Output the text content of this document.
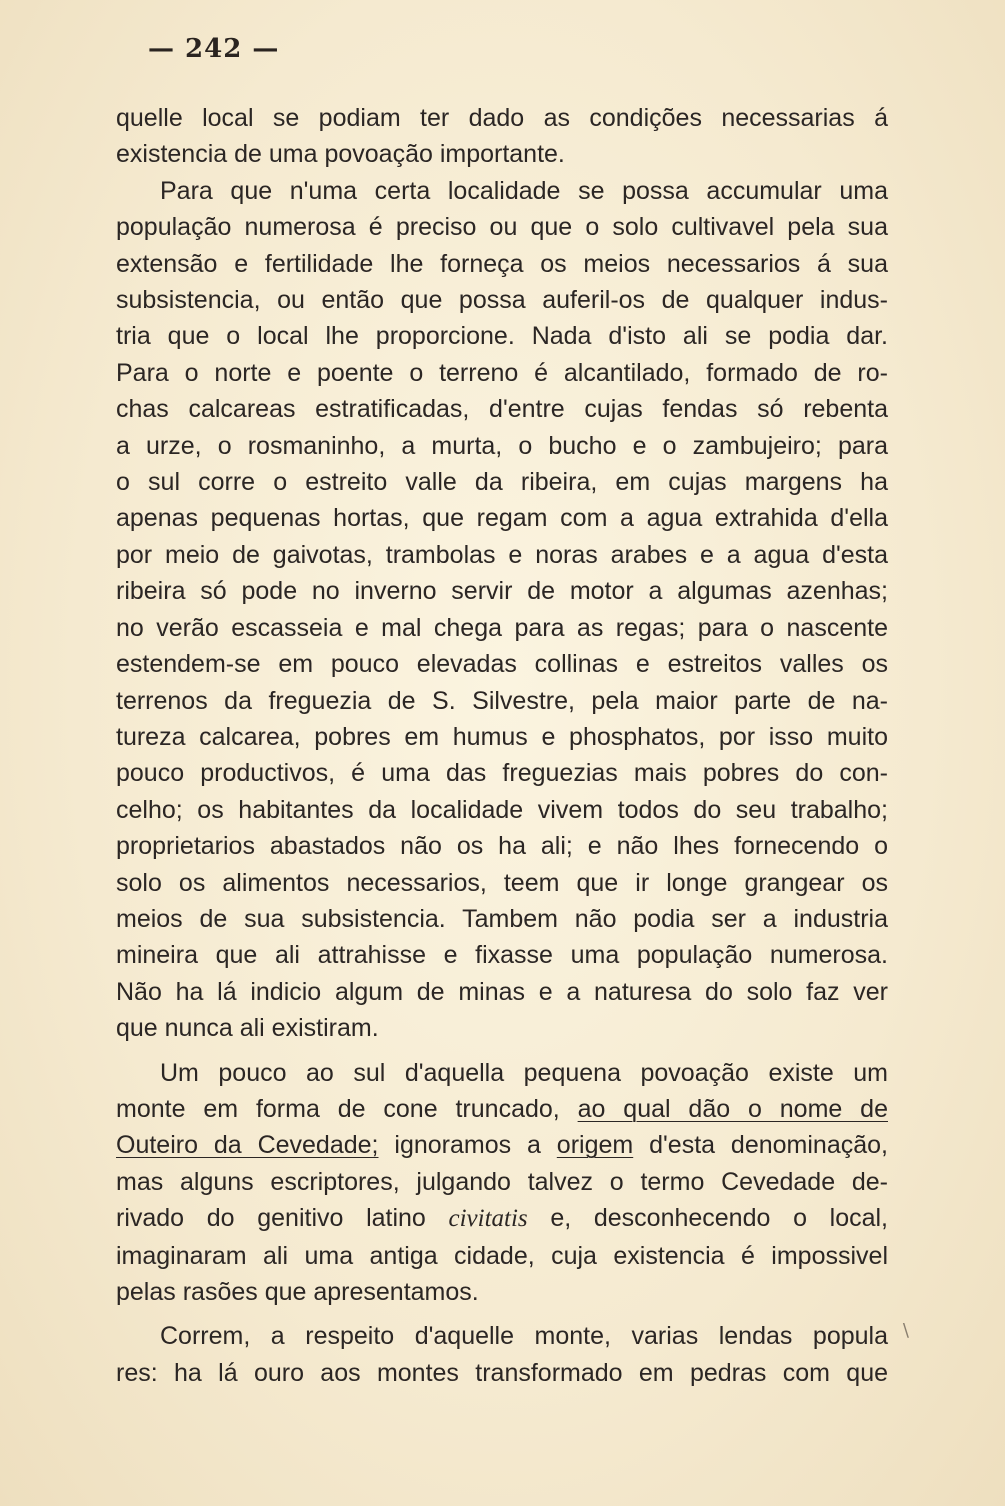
— 242 —
quelle local se podiam ter dado as condições necessarias á
existencia de uma povoação importante.
Para que n'uma certa localidade se possa accumular uma
população numerosa é preciso ou que o solo cultivavel pela sua
extensão e fertilidade lhe forneça os meios necessarios á sua
subsistencia, ou então que possa auferil-os de qualquer indus-
tria que o local lhe proporcione. Nada d'isto ali se podia dar.
Para o norte e poente o terreno é alcantilado, formado de ro-
chas calcareas estratificadas, d'entre cujas fendas só rebenta
a urze, o rosmaninho, a murta, o bucho e o zambujeiro; para
o sul corre o estreito valle da ribeira, em cujas margens ha
apenas pequenas hortas, que regam com a agua extrahida d'ella
por meio de gaivotas, trambolas e noras arabes e a agua d'esta
ribeira só pode no inverno servir de motor a algumas azenhas;
no verão escasseia e mal chega para as regas; para o nascente
estendem-se em pouco elevadas collinas e estreitos valles os
terrenos da freguezia de S. Silvestre, pela maior parte de na-
tureza calcarea, pobres em humus e phosphatos, por isso muito
pouco productivos, é uma das freguezias mais pobres do con-
celho; os habitantes da localidade vivem todos do seu trabalho;
proprietarios abastados não os ha ali; e não lhes fornecendo o
solo os alimentos necessarios, teem que ir longe grangear os
meios de sua subsistencia. Tambem não podia ser a industria
mineira que ali attrahisse e fixasse uma população numerosa.
Não ha lá indicio algum de minas e a naturesa do solo faz ver
que nunca ali existiram.
Um pouco ao sul d'aquella pequena povoação existe um
monte em forma de cone truncado, ao qual dão o nome de
Outeiro da Cevedade; ignoramos a origem d'esta denominação,
mas alguns escriptores, julgando talvez o termo Cevedade de-
rivado do genitivo latino civitatis e, desconhecendo o local,
imaginaram ali uma antiga cidade, cuja existencia é impossivel
pelas rasões que apresentamos.
Correm, a respeito d'aquelle monte, varias lendas popula
res: ha lá ouro aos montes transformado em pedras com que
\
